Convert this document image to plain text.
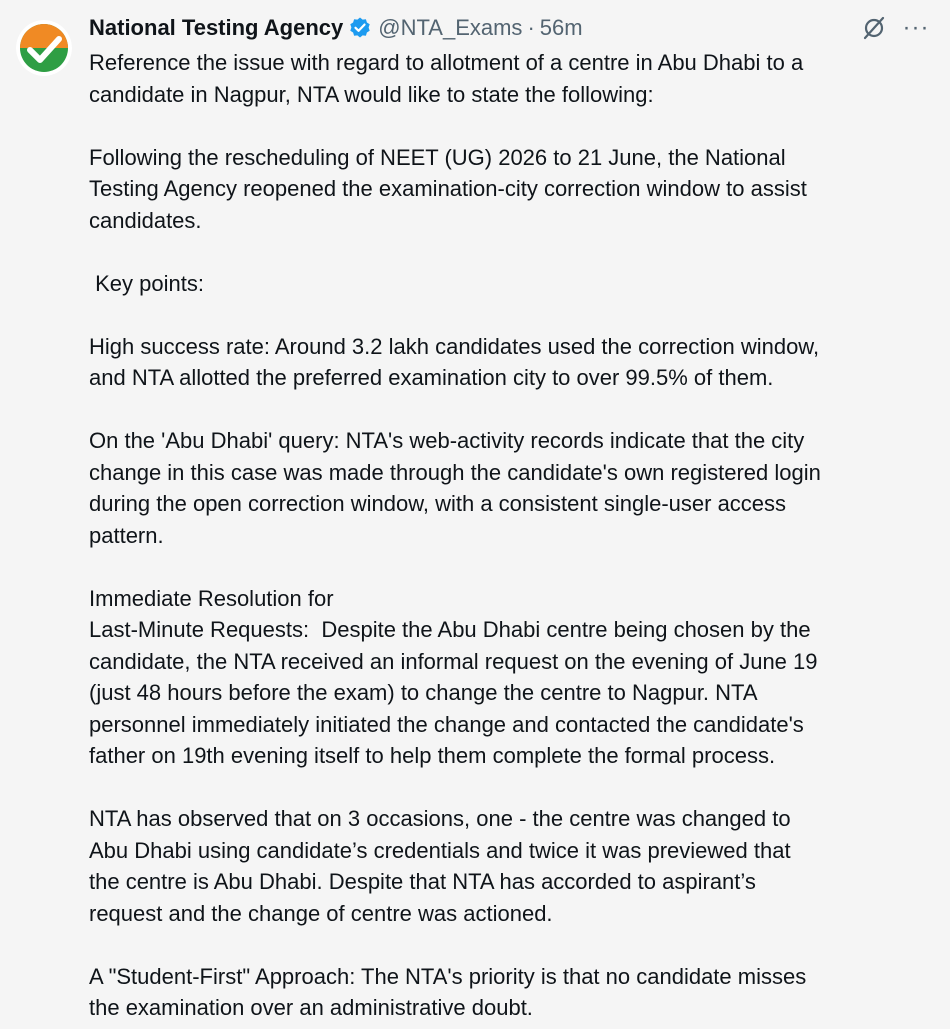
National Testing Agency @NTA_Exams · 56m	···

Reference the issue with regard to allotment of a centre in Abu Dhabi to a
candidate in Nagpur, NTA would like to state the following:

Following the rescheduling of NEET (UG) 2026 to 21 June, the National
Testing Agency reopened the examination-city correction window to assist
candidates.

Key points:

High success rate: Around 3.2 lakh candidates used the correction window,
and NTA allotted the preferred examination city to over 99.5% of them.

On the 'Abu Dhabi' query: NTA's web-activity records indicate that the city
change in this case was made through the candidate's own registered login
during the open correction window, with a consistent single-user access
pattern.

Immediate Resolution for
Last-Minute Requests:  Despite the Abu Dhabi centre being chosen by the
candidate, the NTA received an informal request on the evening of June 19
(just 48 hours before the exam) to change the centre to Nagpur. NTA
personnel immediately initiated the change and contacted the candidate's
father on 19th evening itself to help them complete the formal process.

NTA has observed that on 3 occasions, one - the centre was changed to
Abu Dhabi using candidate’s credentials and twice it was previewed that
the centre is Abu Dhabi. Despite that NTA has accorded to aspirant’s
request and the change of centre was actioned.

A "Student-First" Approach: The NTA's priority is that no candidate misses
the examination over an administrative doubt.
